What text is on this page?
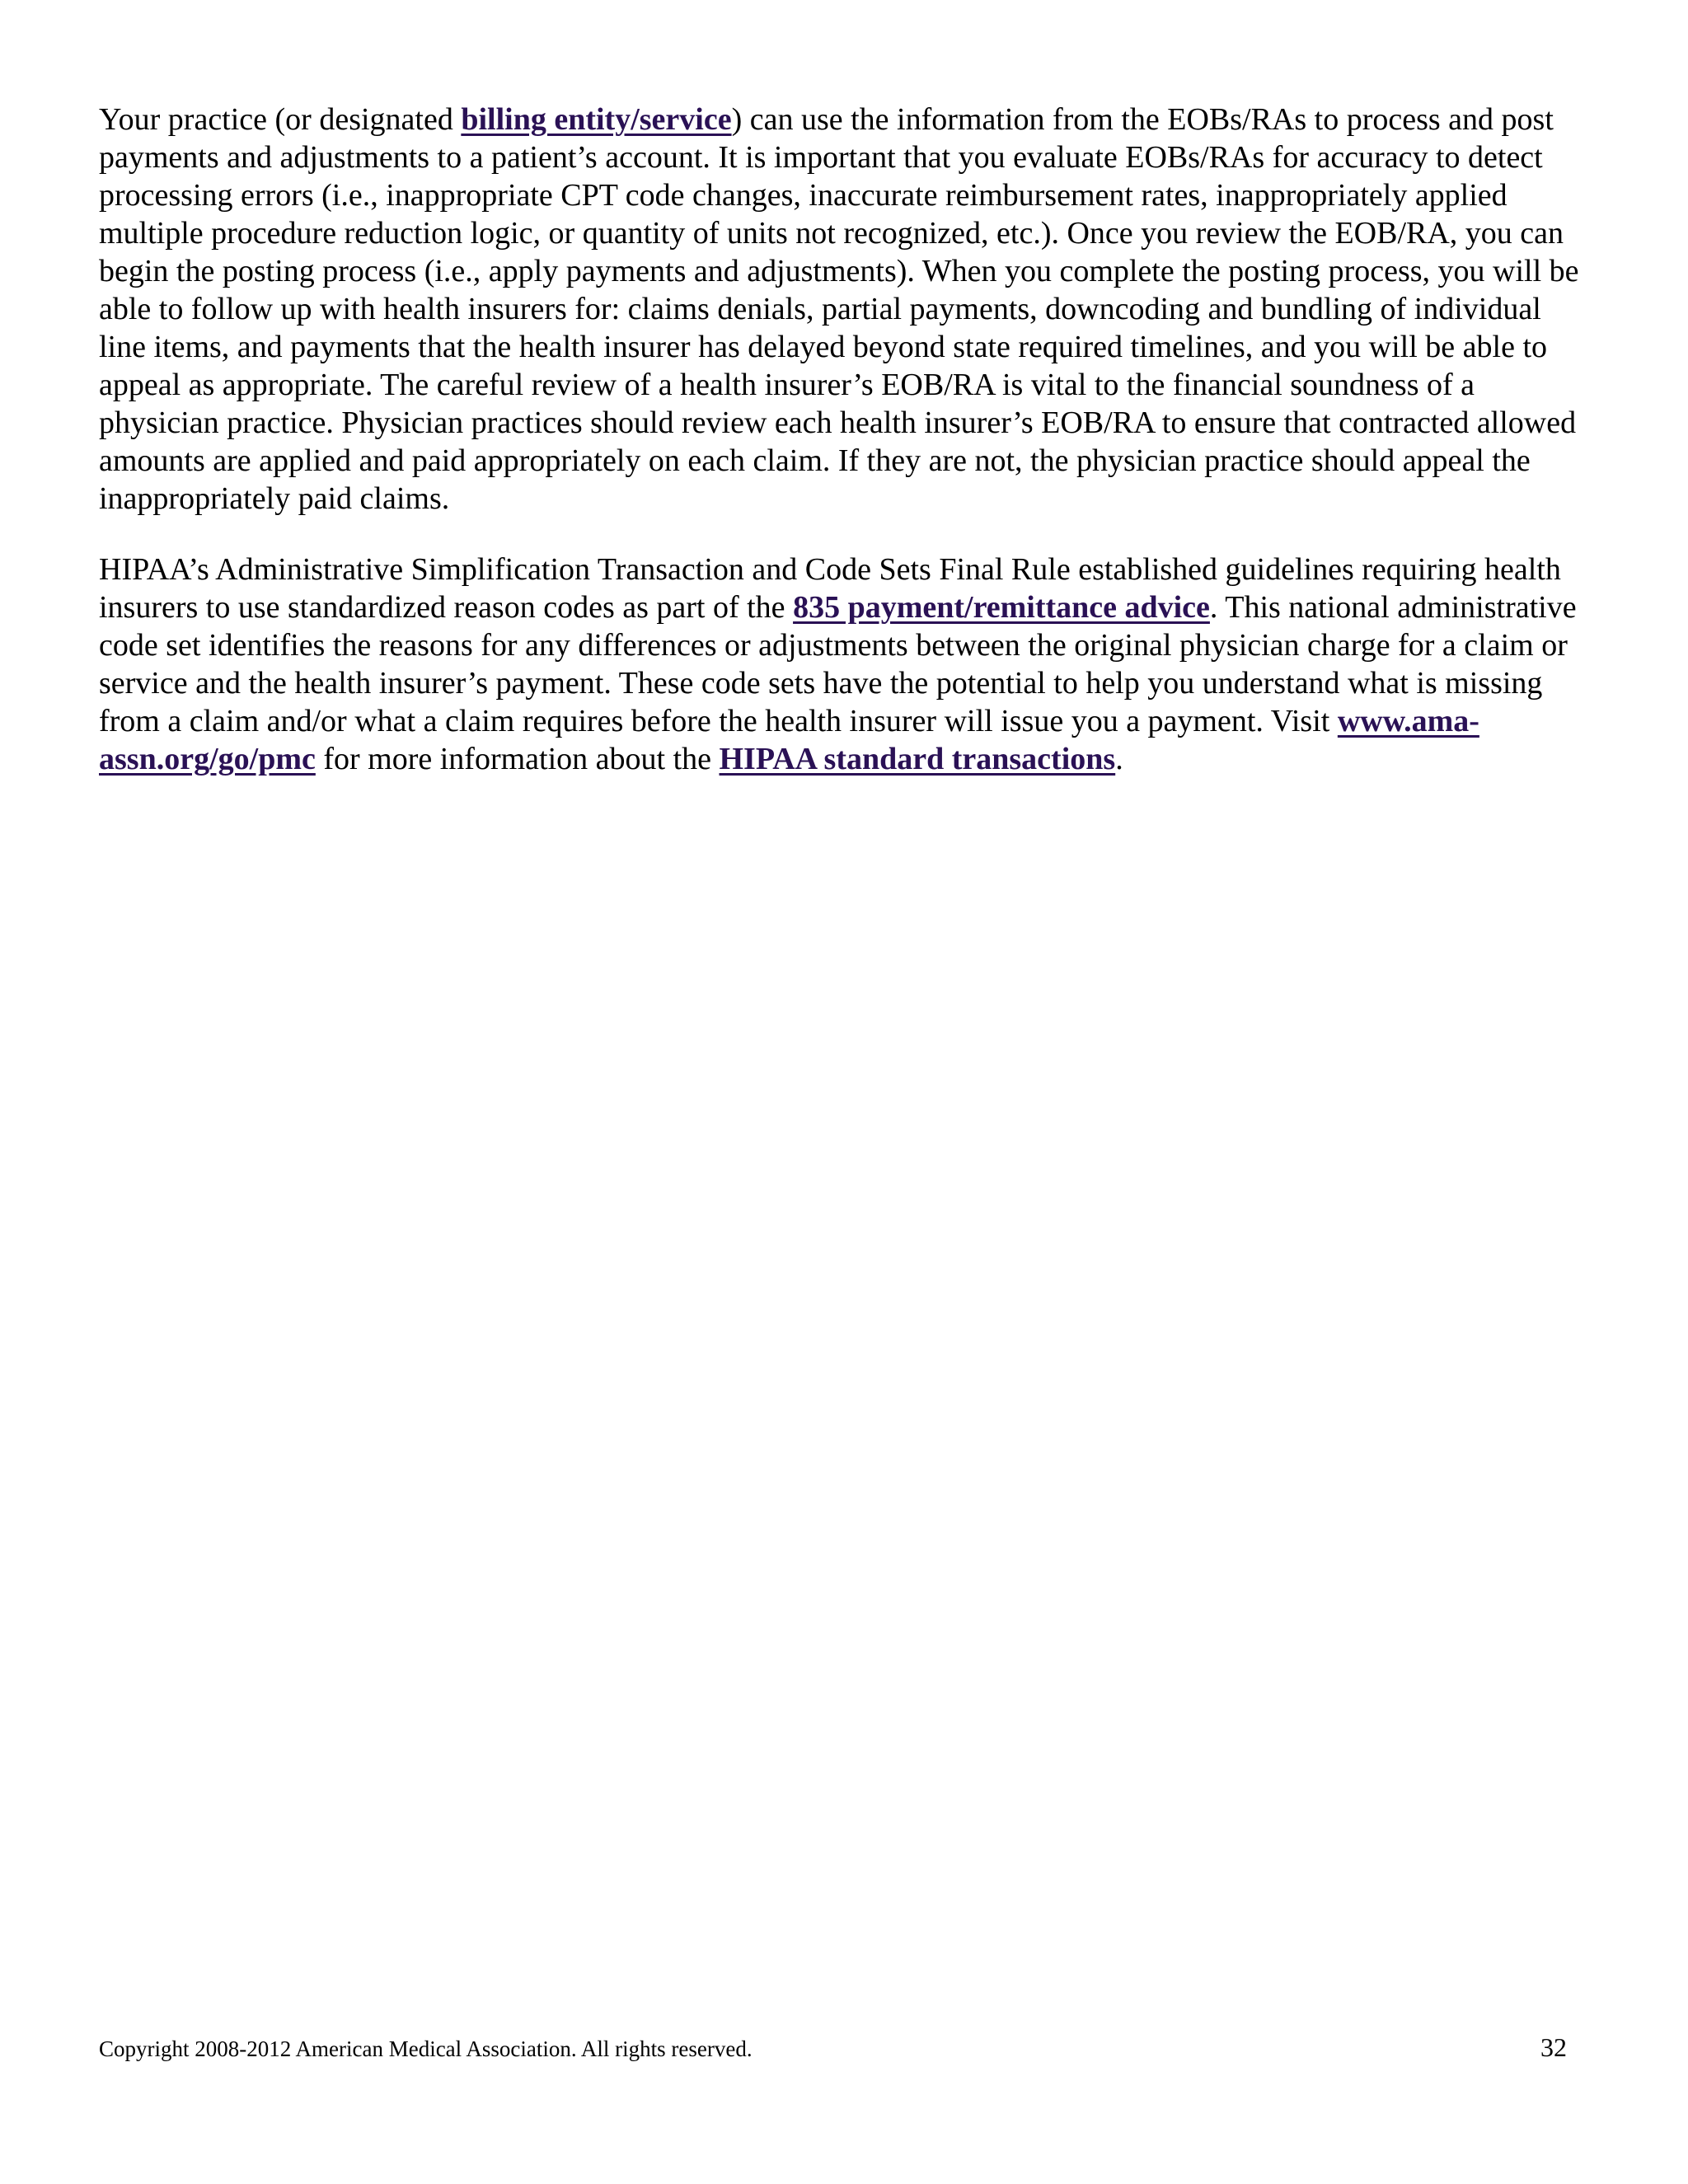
Your practice (or designated billing entity/service) can use the information from the EOBs/RAs to process and post payments and adjustments to a patient’s account. It is important that you evaluate EOBs/RAs for accuracy to detect processing errors (i.e., inappropriate CPT code changes, inaccurate reimbursement rates, inappropriately applied multiple procedure reduction logic, or quantity of units not recognized, etc.). Once you review the EOB/RA, you can begin the posting process (i.e., apply payments and adjustments). When you complete the posting process, you will be able to follow up with health insurers for: claims denials, partial payments, downcoding and bundling of individual line items, and payments that the health insurer has delayed beyond state required timelines, and you will be able to appeal as appropriate. The careful review of a health insurer’s EOB/RA is vital to the financial soundness of a physician practice. Physician practices should review each health insurer’s EOB/RA to ensure that contracted allowed amounts are applied and paid appropriately on each claim. If they are not, the physician practice should appeal the inappropriately paid claims.

HIPAA’s Administrative Simplification Transaction and Code Sets Final Rule established guidelines requiring health insurers to use standardized reason codes as part of the 835 payment/remittance advice. This national administrative code set identifies the reasons for any differences or adjustments between the original physician charge for a claim or service and the health insurer’s payment. These code sets have the potential to help you understand what is missing from a claim and/or what a claim requires before the health insurer will issue you a payment. Visit www.ama-assn.org/go/pmc for more information about the HIPAA standard transactions.

Copyright 2008-2012 American Medical Association. All rights reserved.	32
